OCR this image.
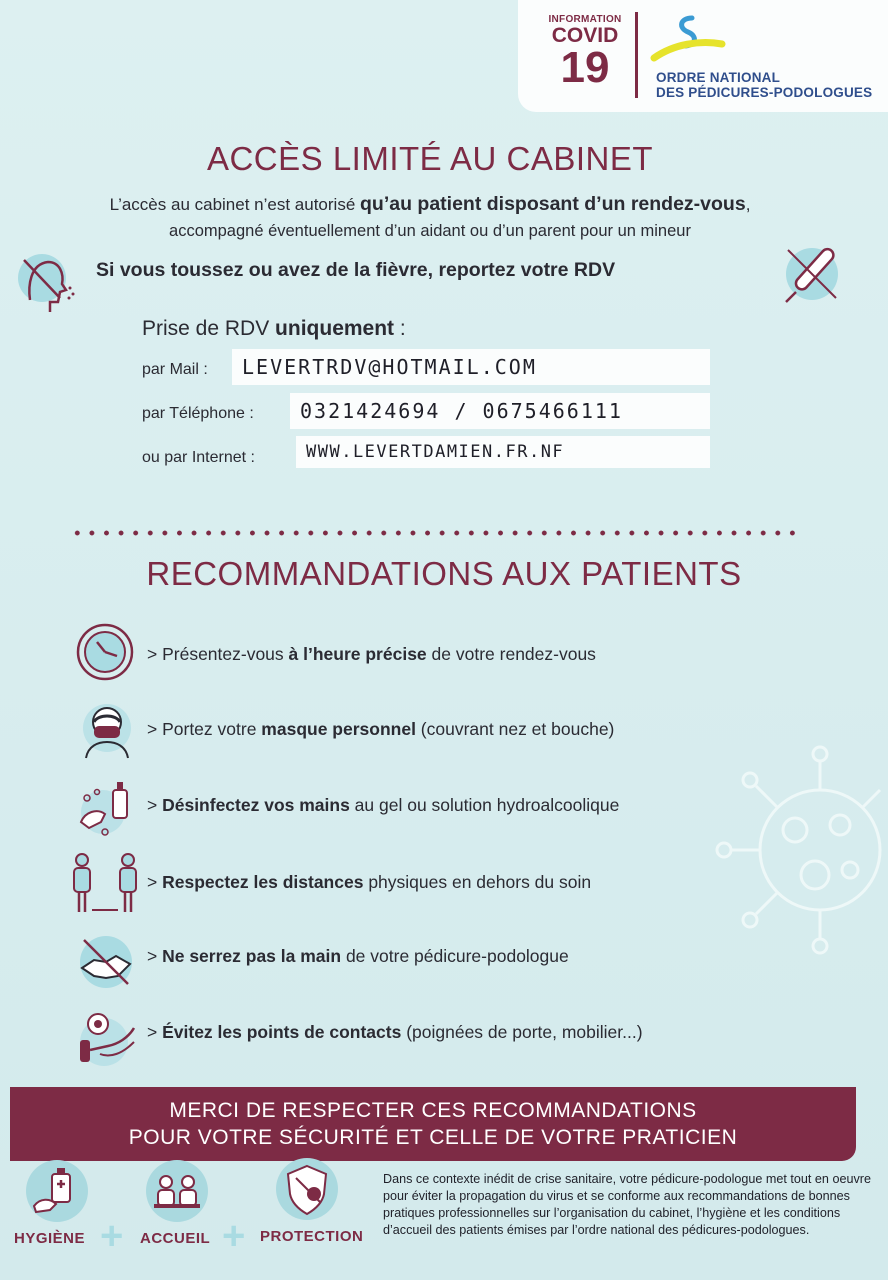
INFORMATION
COVID
19	ORDRE NATIONAL
DES PÉDICURES-PODOLOGUES
ACCÈS LIMITÉ AU CABINET
L’accès au cabinet n’est autorisé qu’au patient disposant d’un rendez-vous,
accompagné éventuellement d’un aidant ou d’un parent pour un mineur
Si vous toussez ou avez de la fièvre, reportez votre RDV
Prise de RDV uniquement :
par Mail :	LEVERTRDV@HOTMAIL.COM
par Téléphone :	0321424694 / 0675466111
ou par Internet :	WWW.LEVERTDAMIEN.FR.NF
RECOMMANDATIONS AUX PATIENTS
> Présentez-vous à l’heure précise de votre rendez-vous
> Portez votre masque personnel (couvrant nez et bouche)
> Désinfectez vos mains au gel ou solution hydroalcoolique
> Respectez les distances physiques en dehors du soin
> Ne serrez pas la main de votre pédicure-podologue
> Évitez les points de contacts (poignées de porte, mobilier...)
MERCI DE RESPECTER CES RECOMMANDATIONS
POUR VOTRE SÉCURITÉ ET CELLE DE VOTRE PRATICIEN
HYGIÈNE + ACCUEIL + PROTECTION
Dans ce contexte inédit de crise sanitaire, votre pédicure-podologue met tout en oeuvre pour éviter la propagation du virus et se conforme aux recommandations de bonnes pratiques professionnelles sur l’organisation du cabinet, l’hygiène et les conditions d’accueil des patients émises par l’ordre national des pédicures-podologues.
